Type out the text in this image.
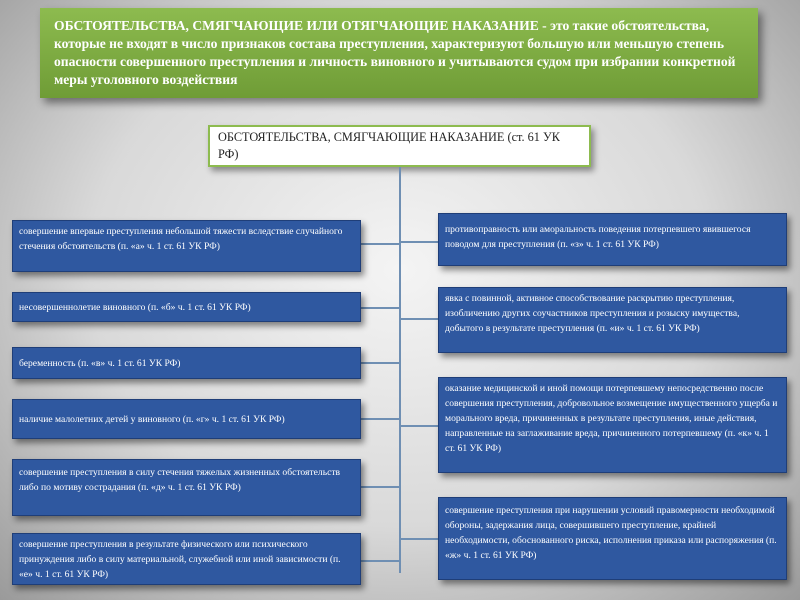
ОБСТОЯТЕЛЬСТВА, СМЯГЧАЮЩИЕ ИЛИ ОТЯГЧАЮЩИЕ НАКАЗАНИЕ - это такие обстоятельства, которые не входят в число признаков состава преступления, характеризуют большую или меньшую степень опасности совершенного преступления и личность виновного и учитываются судом при избрании конкретной меры уголовного воздействия
ОБСТОЯТЕЛЬСТВА, СМЯГЧАЮЩИЕ НАКАЗАНИЕ (ст. 61 УК РФ)
совершение впервые преступления небольшой тяжести вследствие случайного стечения обстоятельств (п. «а» ч. 1 ст. 61 УК РФ)
несовершеннолетие виновного (п. «б» ч. 1 ст. 61 УК РФ)
беременность (п. «в» ч. 1 ст. 61 УК РФ)
наличие малолетних детей у виновного (п. «г» ч. 1 ст. 61 УК РФ)
совершение преступления в силу стечения тяжелых жизненных обстоятельств либо по мотиву сострадания (п. «д» ч. 1 ст. 61 УК РФ)
совершение преступления в результате физического или психического принуждения либо в силу материальной, служебной или иной зависимости (п. «е» ч. 1 ст. 61 УК РФ)
противоправность или аморальность поведения потерпевшего явившегося поводом для преступления (п. «з» ч. 1 ст. 61 УК РФ)
явка с повинной, активное способствование раскрытию преступления, изобличению других соучастников преступления и розыску имущества, добытого в результате преступления (п. «и» ч. 1 ст. 61 УК РФ)
оказание медицинской и иной помощи потерпевшему непосредственно после совершения преступления, добровольное возмещение имущественного ущерба и морального вреда, причиненных в результате преступления, иные действия, направленные на заглаживание вреда, причиненного потерпевшему (п. «к» ч. 1 ст. 61 УК РФ)
совершение преступления при нарушении условий правомерности необходимой обороны, задержания лица, совершившего преступление, крайней необходимости, обоснованного риска, исполнения приказа или распоряжения (п. «ж» ч. 1 ст. 61 УК РФ)
